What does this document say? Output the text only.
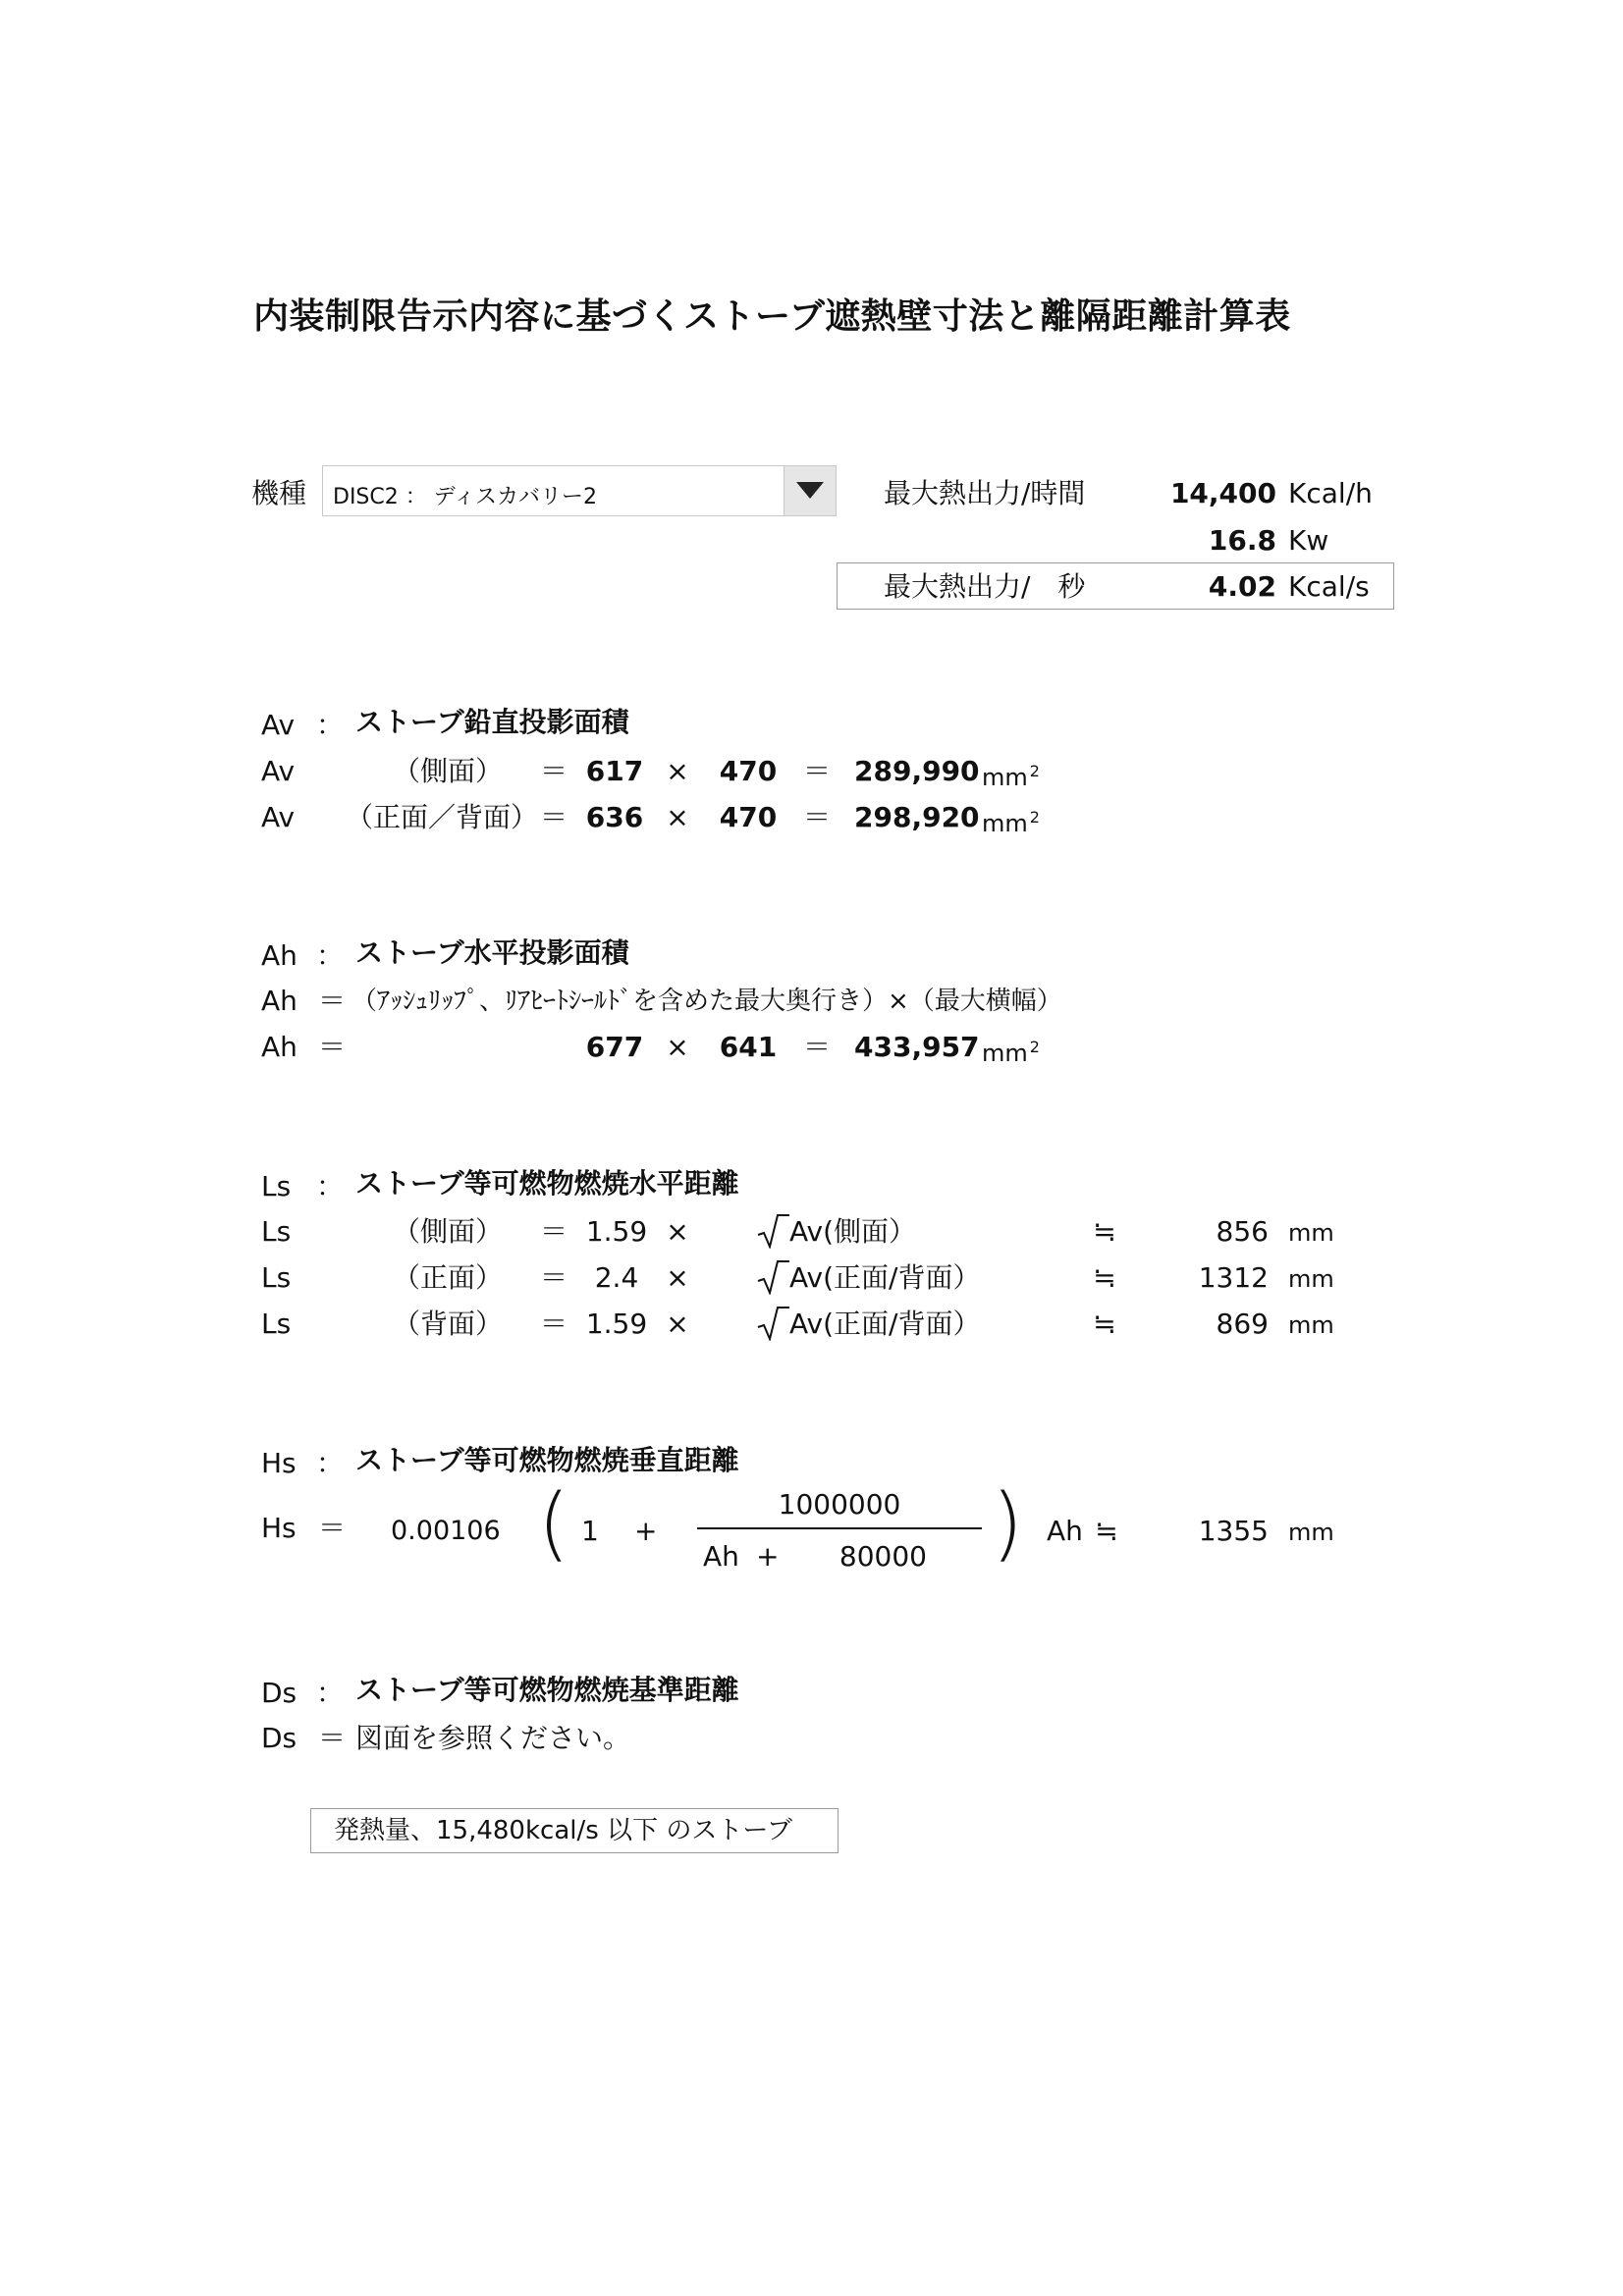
内装制限告示内容に基づくストーブ遮熱壁寸法と離隔距離計算表
機種 DISC2 ： ディスカバリー2	最大熱出力/時間	14,400 Kcal/h
16.8 Kw
最大熱出力/　秒	4.02 Kcal/s
Av ： ストーブ鉛直投影面積
Av	（側面） ＝ 617 × 470 ＝ 289,990 mm $^2$
Av （正面／背面） ＝ 636 × 470 ＝ 298,920 mm $^2$
Ah ： ストーブ水平投影面積
Ah ＝ （ｱｯｼｭﾘｯﾌﾟ、ﾘｱﾋｰﾄｼｰﾙﾄﾞを含めた最大奥行き）×（最大横幅）
Ah ＝	677 × 641 ＝ 433,957 mm $^2$
Ls ： ストーブ等可燃物燃焼水平距離
Ls	（側面） ＝ 1.59 ×	Av(側面）	≒	856 mm
Ls	（正面） ＝ 2.4	×	Av(正面/背面）	≒	1312 mm
Ls	（背面） ＝ 1.59 ×	Av(正面/背面）	≒	869 mm
Hs ： ストーブ等可燃物燃焼垂直距離
Hs ＝ 0.00106 ( 1 +
1000000
Ah +	80000 ) Ah ≒	1355 mm
Ds ： ストーブ等可燃物燃焼基準距離
Ds ＝ 図面を参照ください。
発熱量、15,480kcal/s 以下 のストーブ
